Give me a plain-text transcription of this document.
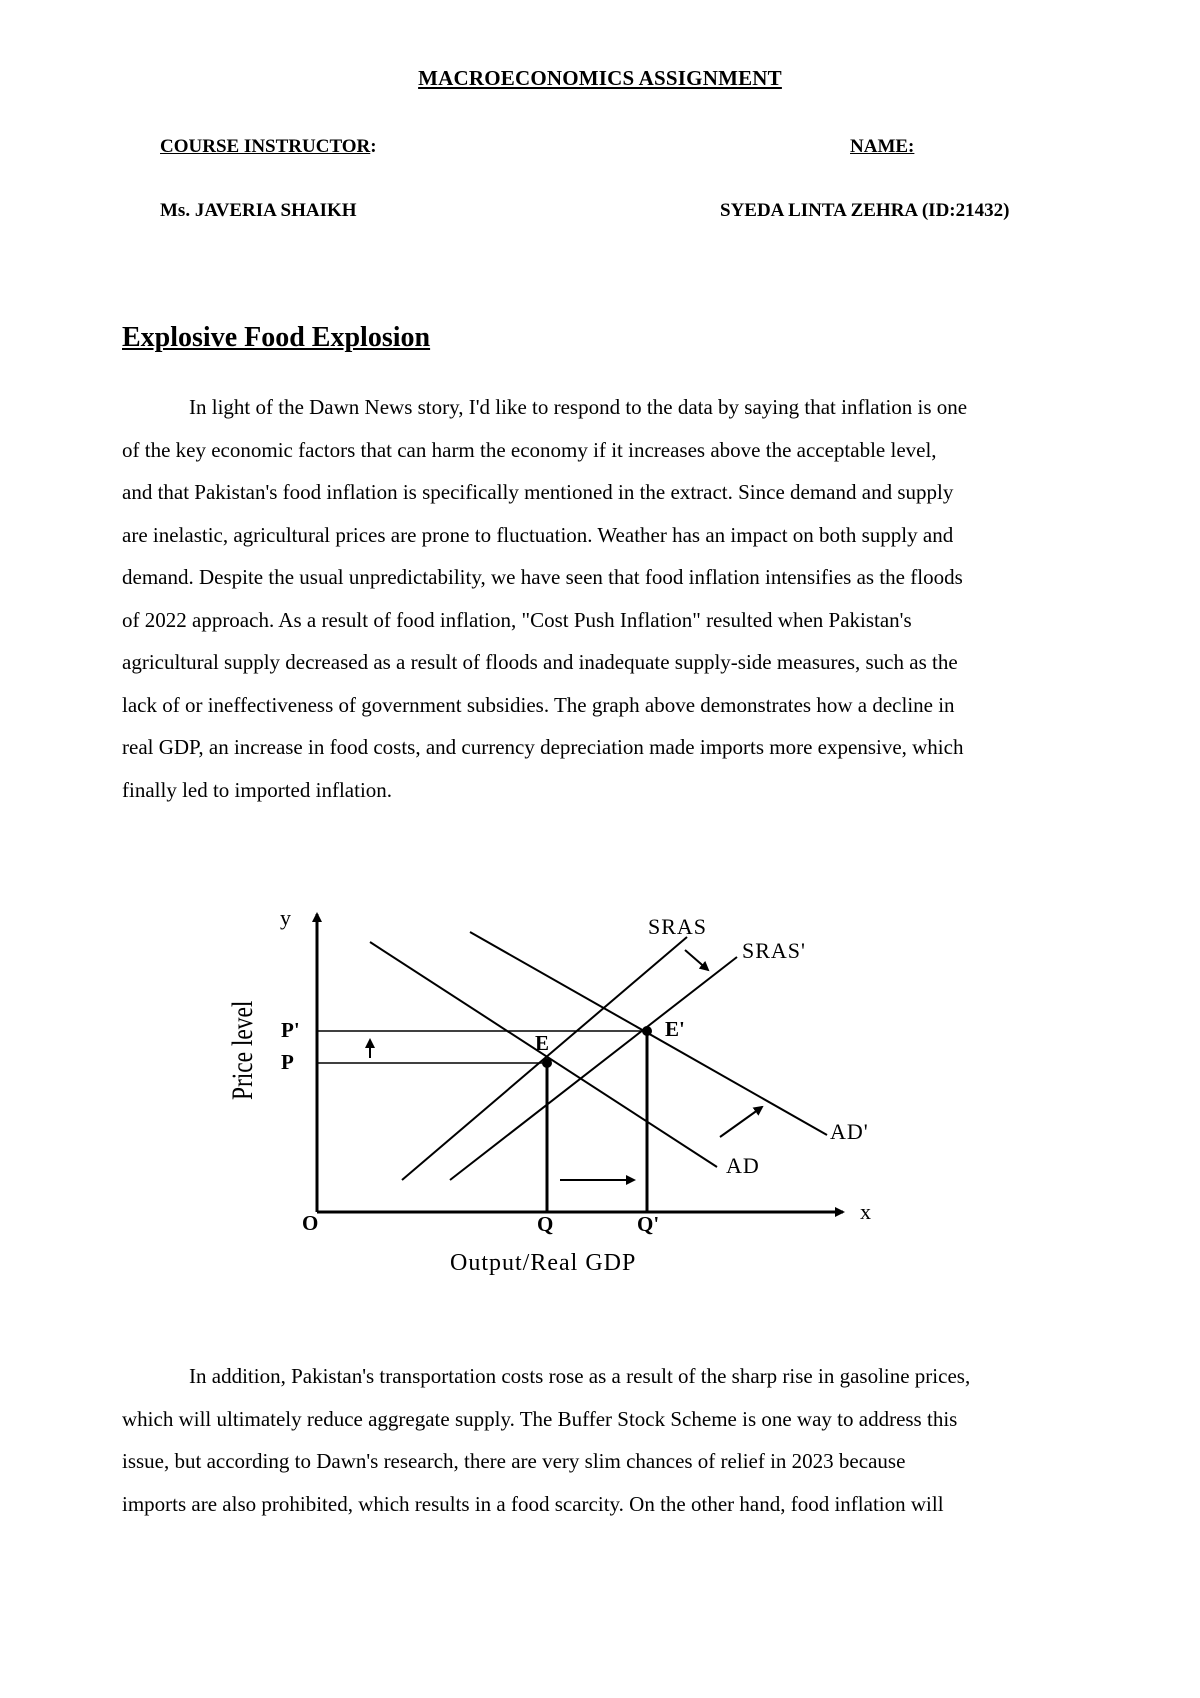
MACROECONOMICS ASSIGNMENT
COURSE INSTRUCTOR:	NAME:
Ms. JAVERIA SHAIKH	SYEDA LINTA ZEHRA (ID:21432)
Explosive Food Explosion
In light of the Dawn News story, I'd like to respond to the data by saying that inflation is one
of the key economic factors that can harm the economy if it increases above the acceptable level,
and that Pakistan's food inflation is specifically mentioned in the extract. Since demand and supply
are inelastic, agricultural prices are prone to fluctuation. Weather has an impact on both supply and
demand. Despite the usual unpredictability, we have seen that food inflation intensifies as the floods
of 2022 approach. As a result of food inflation, "Cost Push Inflation" resulted when Pakistan's
agricultural supply decreased as a result of floods and inadequate supply-side measures, such as the
lack of or ineffectiveness of government subsidies. The graph above demonstrates how a decline in
real GDP, an increase in food costs, and currency depreciation made imports more expensive, which
finally led to imported inflation.
y
x
Price level
Output/Real GDP
O
P'
P
Q	Q'
E
E'
SRAS
SRAS'
AD
AD'
In addition, Pakistan's transportation costs rose as a result of the sharp rise in gasoline prices,
which will ultimately reduce aggregate supply. The Buffer Stock Scheme is one way to address this
issue, but according to Dawn's research, there are very slim chances of relief in 2023 because
imports are also prohibited, which results in a food scarcity. On the other hand, food inflation will
